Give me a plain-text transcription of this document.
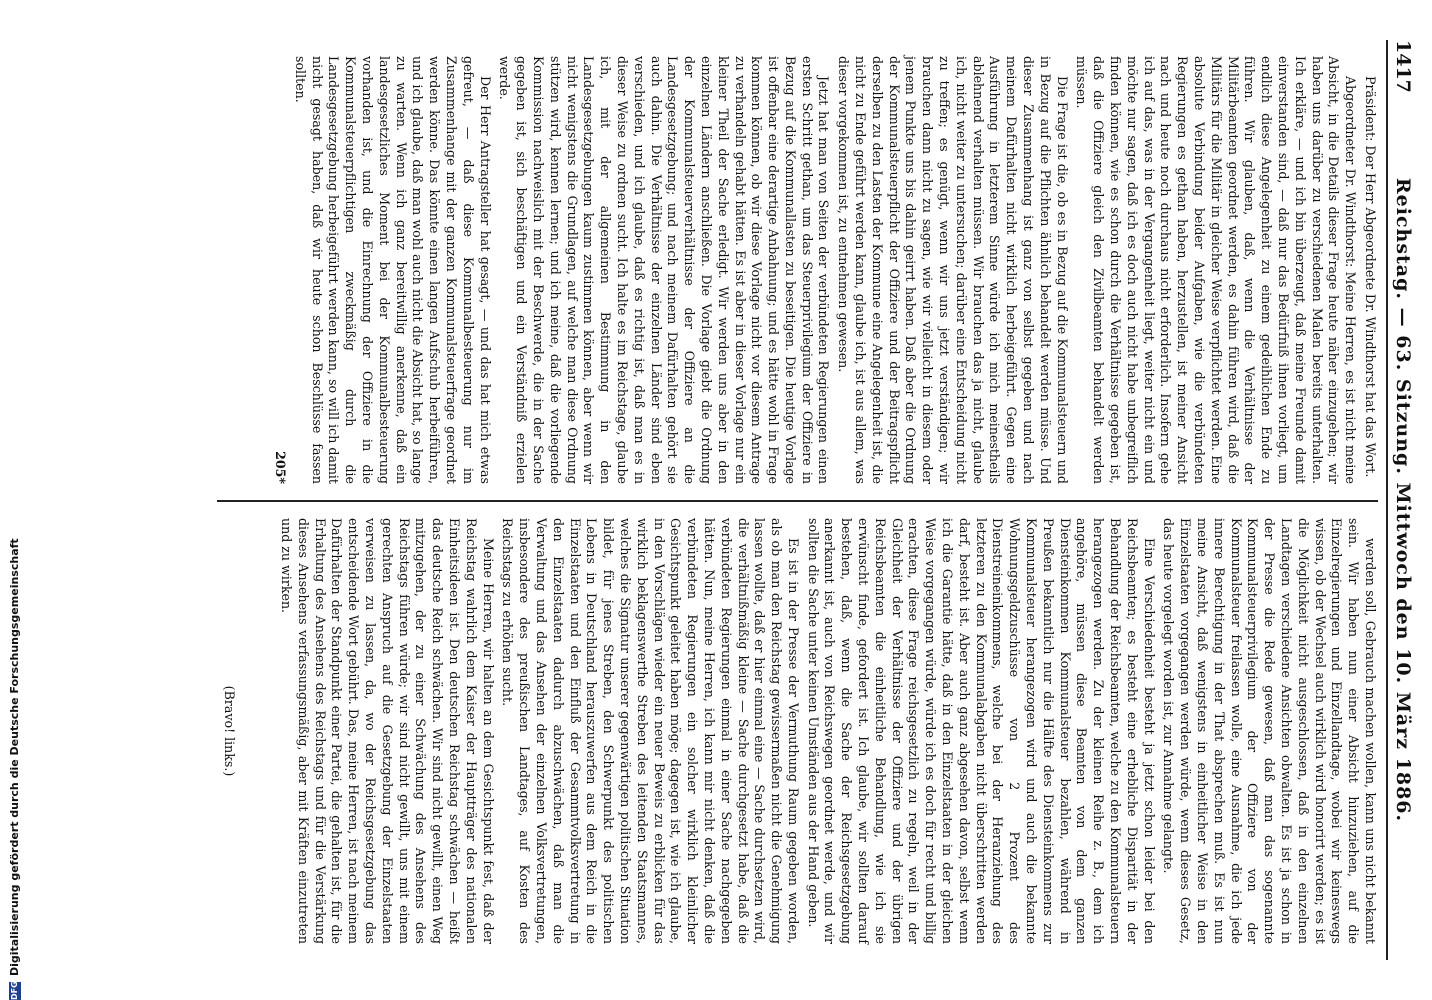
1417
Reichstag. — 63. Sitzung. Mittwoch den 10. März 1886.

Präsident: Der Herr Abgeordnete Dr. Windthorst hat das Wort.

Abgeordneter Dr. Windthorst: Meine Herren, es ist nicht meine Absicht, in die Details dieser Frage heute näher einzugehen; wir haben uns darüber zu verschiedenen Malen bereits unterhalten. Ich erkläre, — und ich bin überzeugt, daß meine Freunde damit einverstanden sind, — daß nur das Bedürfniß ihnen vorliegt, um endlich diese Angelegenheit zu einem gedeihlichen Ende zu führen. Wir glauben, daß, wenn die Verhältnisse der Militärbeamten geordnet werden, es dahin führen wird, daß die Militärs für die Militär in gleicher Weise verpflichtet werden. Eine absolute Verbindung beider Aufgaben, wie die verbündeten Regierungen es gethan haben, herzustellen, ist meiner Ansicht nach und heute noch durchaus nicht erforderlich. Insofern gehe ich auf das, was in der Vergangenheit liegt, weiter nicht ein und möchte nur sagen, daß ich es doch auch nicht habe unbegreiflich finden können, wie es schon durch die Verhältnisse gegeben ist, daß die Offiziere gleich den Zivilbeamten behandelt werden müssen.

Die Frage ist die, ob es in Bezug auf die Kommunalsteuern und in Bezug auf die Pflichten ähnlich behandelt werden müsse. Und dieser Zusammenhang ist ganz von selbst gegeben und nach meinem Dafürhalten nicht wirklich herbeigeführt. Gegen eine Ausführung in letzterem Sinne würde ich mich meinestheils ablehnend verhalten müssen. Wir brauchen das ja nicht, glaube ich, nicht weiter zu untersuchen; darüber eine Entscheidung nicht zu treffen; es genügt, wenn wir uns jetzt verständigen; wir brauchen dann nicht zu sagen, wie wir vielleicht in diesem oder jenem Punkte uns bis dahin geirrt haben. Daß aber die Ordnung der Kommunalsteuerpflicht der Offiziere und der Beitragspflicht derselben zu den Lasten der Kommune eine Angelegenheit ist, die nicht zu Ende geführt werden kann, glaube ich, ist aus allem, was dieser vorgekommen ist, zu entnehmen gewesen.

Jetzt hat man von Seiten der verbündeten Regierungen einen ersten Schritt gethan, um das Steuerprivilegium der Offiziere in Bezug auf die Kommunallasten zu beseitigen. Die heutige Vorlage ist offenbar eine derartige Anbahnung; und es hätte wohl in Frage kommen können, ob wir diese Vorlage nicht vor diesem Antrage zu verhandeln gehabt hätten. Es ist aber in dieser Vorlage nur ein kleiner Theil der Sache erledigt. Wir werden uns aber in den einzelnen Ländern anschließen. Die Vorlage giebt die Ordnung der Kommunalsteuerverhältnisse der Offiziere an die Landesgesetzgebung; und nach meinem Dafürhalten gehört sie auch dahin. Die Verhältnisse der einzelnen Länder sind eben verschieden, und ich glaube, daß es richtig ist, daß man es in dieser Weise zu ordnen sucht. Ich halte es im Reichstage, glaube ich, mit der allgemeinen Bestimmung in den Landesgesetzgebungen kaum zustimmen können, aber wenn wir nicht wenigstens die Grundlagen, auf welche man diese Ordnung stützen wird, kennen lernen; und ich meine, daß die vorliegende Kommission nachweislich mit der Beschwerde, die in der Sache gegeben ist, sich beschäftigen und ein Verständniß erzielen werde.

Der Herr Antragsteller hat gesagt, — und das hat mich etwas gefreut, — daß diese Kommunalbesteuerung nur im Zusammenhange mit der ganzen Kommunalsteuerfrage geordnet werden könne. Das könnte einen langen Aufschub herbeiführen, und ich glaube, daß man wohl auch nicht die Absicht hat, so lange zu warten. Wenn ich ganz bereitwillig anerkenne, daß ein landesgesetzliches Moment bei der Kommunalbesteuerung vorhanden ist, und die Einrechnung der Offiziere in die Kommunalsteuerpflichtigen zweckmäßig durch die Landesgesetzgebung herbeigeführt werden kann, so will ich damit nicht gesagt haben, daß wir heute schon Beschlüsse fassen sollten.

205*

werden soll, Gebrauch machen wollen, kann uns nicht bekannt sein. Wir haben nun einer Absicht hinzuziehen, auf die Einzelregierungen und Einzellandtage, wobei wir keineswegs wissen, ob der Wechsel auch wirklich wird honorirt werden; es ist die Möglichkeit nicht ausgeschlossen, daß in den einzelnen Landtagen verschiedene Ansichten obwalten. Es ist ja schon in der Presse die Rede gewesen, daß man das sogenannte Kommunalsteuerprivilegium der Offiziere von der Kommunalsteuer freilassen wolle, eine Ausnahme, die ich jede innere Berechtigung in der That absprechen muß. Es ist nun meine Ansicht, daß wenigstens in einheitlicher Weise in den Einzelstaaten vorgegangen werden würde, wenn dieses Gesetz, das heute vorgelegt worden ist, zur Annahme gelangte.

Eine Verschiedenheit besteht ja jetzt schon leider bei den Reichsbeamten; es besteht eine erhebliche Disparität in der Behandlung der Reichsbeamten, welche zu den Kommunalsteuern herangezogen werden. Zu der kleinen Reihe z. B., dem ich angehöre, müssen diese Beamten von dem ganzen Diensteinkommen Kommunalsteuer bezahlen, während in Preußen bekanntlich nur die Hälfte des Diensteinkommens zur Kommunalsteuer herangezogen wird und auch die bekannte Wohnungsgeldzuschüsse von 2 Prozent des Dienstreineinkommens, welche bei der Heranziehung des letzteren zu den Kommunalabgaben nicht überschritten werden darf, besteht ist. Aber auch ganz abgesehen davon, selbst wenn ich die Garantie hätte, daß in den Einzelstaaten in der gleichen Weise vorgegangen würde, würde ich es doch für recht und billig erachten, diese Frage reichsgesetzlich zu regeln, weil in der Gleichheit der Verhältnisse der Offiziere und der übrigen Reichsbeamten die einheitliche Behandlung, wie ich sie erwünscht finde, gefordert ist. Ich glaube, wir sollten darauf bestehen, daß, wenn die Sache der Reichsgesetzgebung anerkannt ist, auch von Reichswegen geordnet werde, und wir sollten die Sache unter keinen Umständen aus der Hand geben.

Es ist in der Presse der Vermuthung Raum gegeben worden, als ob man den Reichstag gewissermaßen nicht die Genehmigung lassen wollte, daß er hier einmal eine — Sache durchsetzen wird, die verhältnißmäßig kleine — Sache durchgesetzt habe, daß die verbündeten Regierungen einmal in einer Sache nachgegeben hätten. Nun, meine Herren, ich kann mir nicht denken, daß die verbündeten Regierungen ein solcher wirklich kleinlicher Gesichtspunkt geleitet haben möge; dagegen ist, wie ich glaube, in den Vorschlägen wieder ein neuer Beweis zu erblicken für das wirklich beklagenswerthe Streben des leitenden Staatsmannes, welches die Signatur unserer gegenwärtigen politischen Situation bildet, für jenes Streben, den Schwerpunkt des politischen Lebens in Deutschland herauszuwerfen aus dem Reich in die Einzelstaaten und den Einfluß der Gesammtvolksvertretung in den Einzelstaaten dadurch abzuschwächen, daß man die Verwaltung und das Ansehen der einzelnen Volksvertretungen, insbesondere des preußischen Landtages, auf Kosten des Reichstags zu erhöhen sucht.

Meine Herren, wir halten an dem Gesichtspunkt fest, daß der Reichstag wahrlich dem Kaiser der Hauptträger des nationalen Einheitsideen ist. Den deutschen Reichstag schwächen — heißt das deutsche Reich schwächen. Wir sind nicht gewillt, einen Weg mitzugehen, der zu einer Schwächung des Ansehens des Reichstags führen würde; wir sind nicht gewillt, uns mit einem gerechten Anspruch auf die Gesetzgebung der Einzelstaaten verweisen zu lassen, da, wo der Reichsgesetzgebung das entscheidende Wort gebührt. Das, meine Herren, ist nach meinem Dafürhalten der Standpunkt einer Partei, die gehalten ist, für die Erhaltung des Ansehens des Reichstags und für die Verstärkung dieses Ansehens verfassungsmäßig, aber mit Kräften einzutreten und zu wirken.

(Bravo! links.)

DFG
Digitalisierung gefördert durch die Deutsche Forschungsgemeinschaft
